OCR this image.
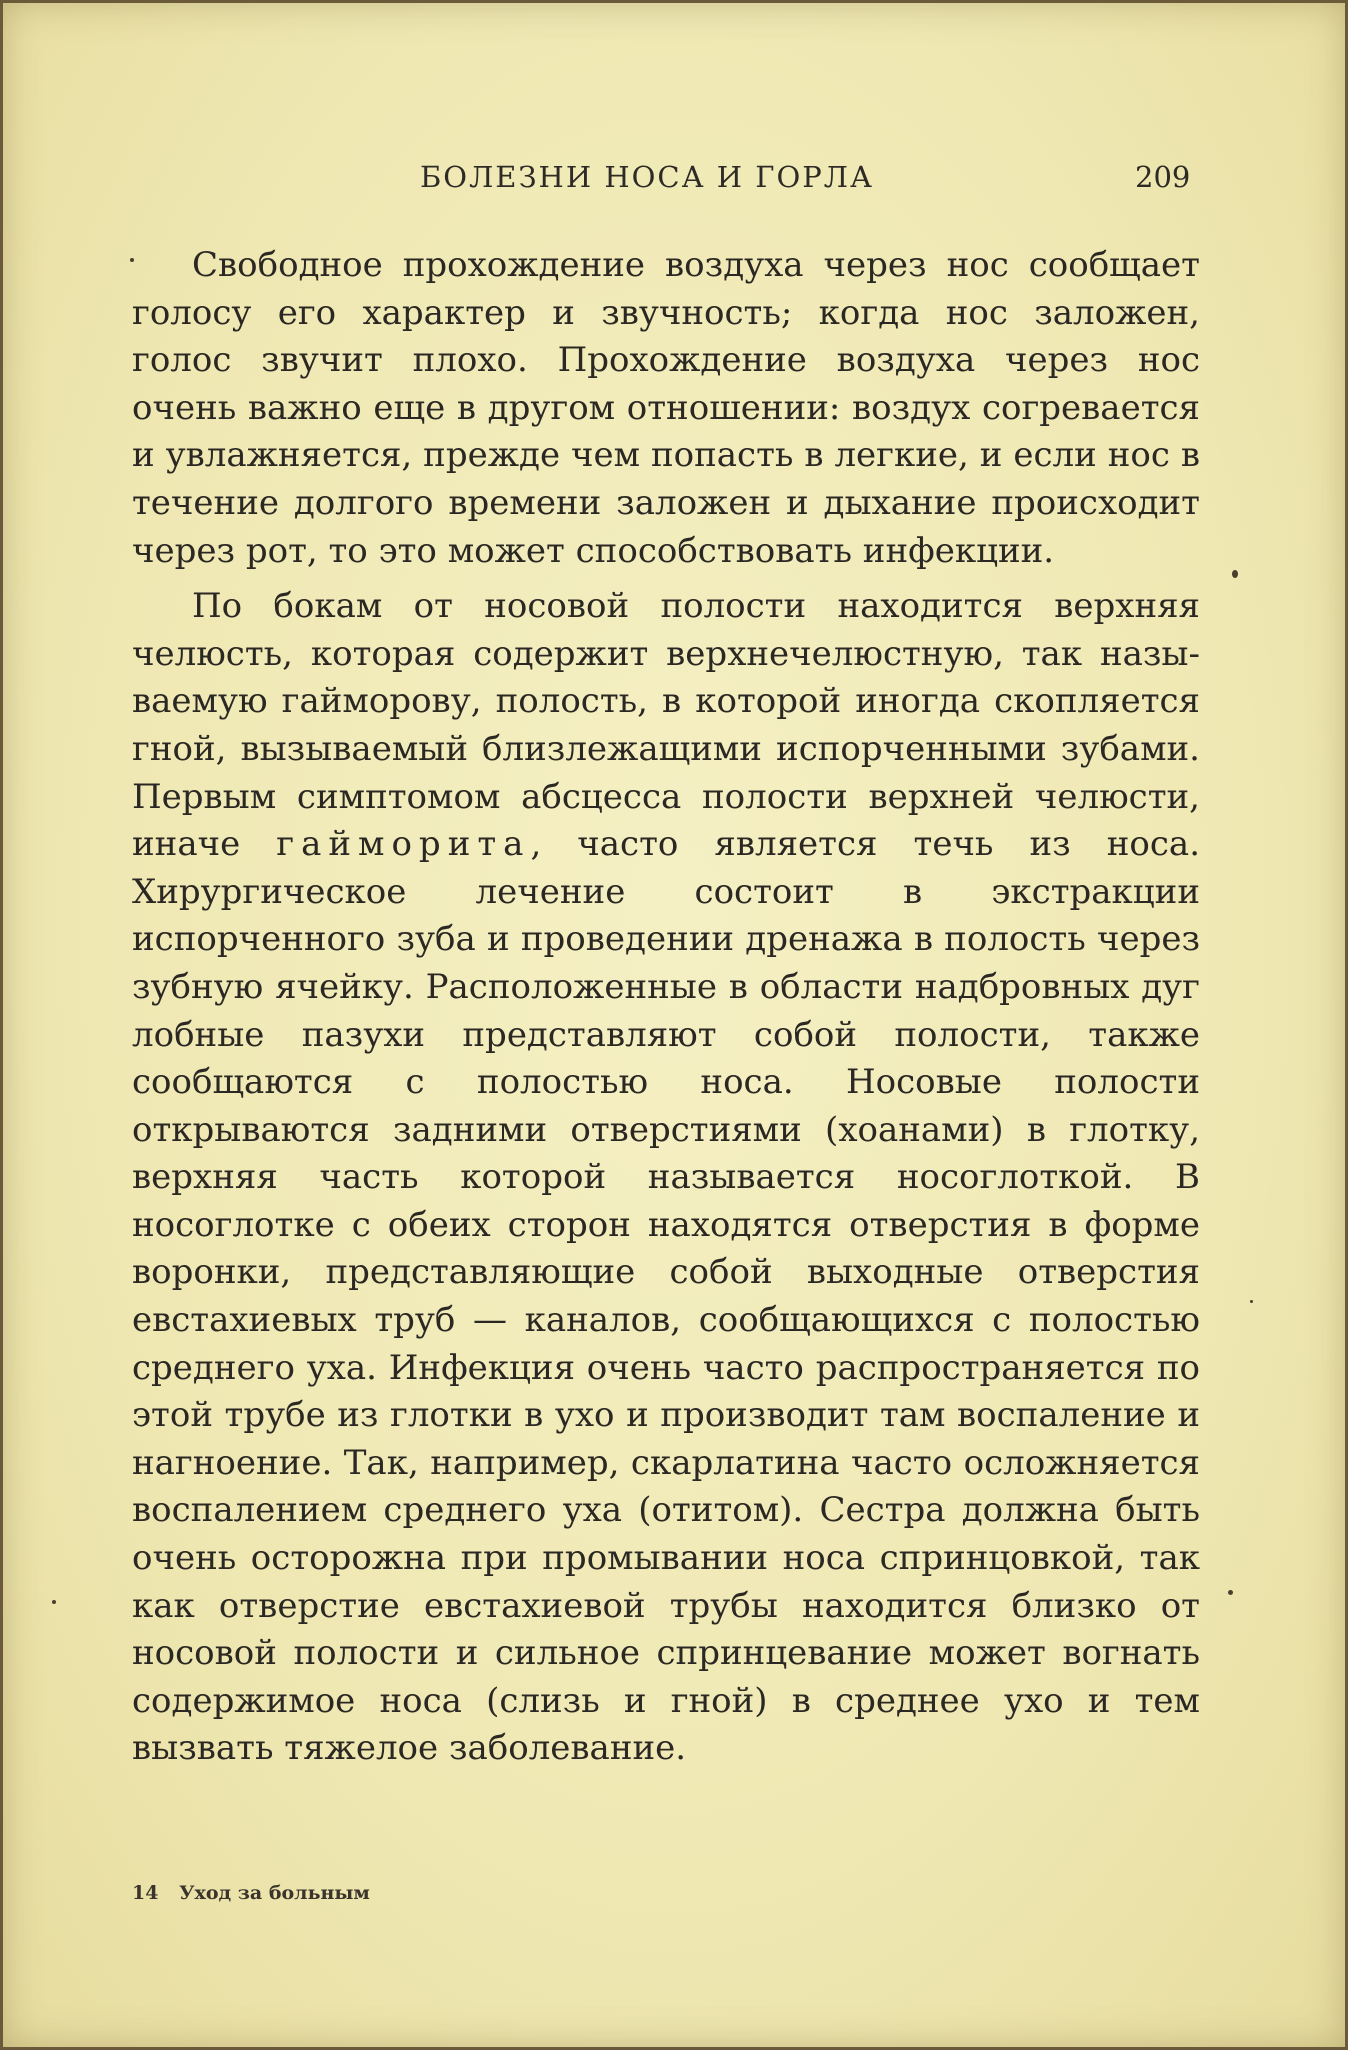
БОЛЕЗНИ НОСА И ГОРЛА	209

Свободное прохождение воздуха через нос сообщает голосу его характер и звучность; когда нос заложен, голос звучит плохо. Прохождение воздуха через нос очень важно еще в другом отношении: воздух согревается и увлажняется, прежде чем попасть в легкие, и если нос в течение долгого времени заложен и дыхание происходит через рот, то это может способствовать инфекции.

По бокам от носовой полости находится верхняя челюсть, которая содержит верхнечелюстную, так называемую гайморову, полость, в которой иногда скопляется гной, вызываемый близлежащими испорченными зубами. Первым симптомом абсцесса полости верхней челюсти, иначе гайморита, часто является течь из носа. Хирургическое лечение состоит в экстракции испорченного зуба и проведении дренажа в полость через зубную ячейку. Расположенные в области надбровных дуг лобные пазухи представляют собой полости, также сообщаются с полостью носа. Носовые полости открываются задними отверстиями (хоанами) в глотку, верхняя часть которой называется носоглоткой. В носоглотке с обеих сторон находятся отверстия в форме воронки, представляющие собой выходные отверстия евстахиевых труб — каналов, сообщающихся с полостью среднего уха. Инфекция очень часто распространяется по этой трубе из глотки в ухо и производит там воспаление и нагноение. Так, например, скарлатина часто осложняется воспалением среднего уха (отитом). Сестра должна быть очень осторожна при промывании носа спринцовкой, так как отверстие евстахиевой трубы находится близко от носовой полости и сильное спринцевание может вогнать содержимое носа (слизь и гной) в среднее ухо и тем вызвать тяжелое заболевание.

14 Уход за больным
